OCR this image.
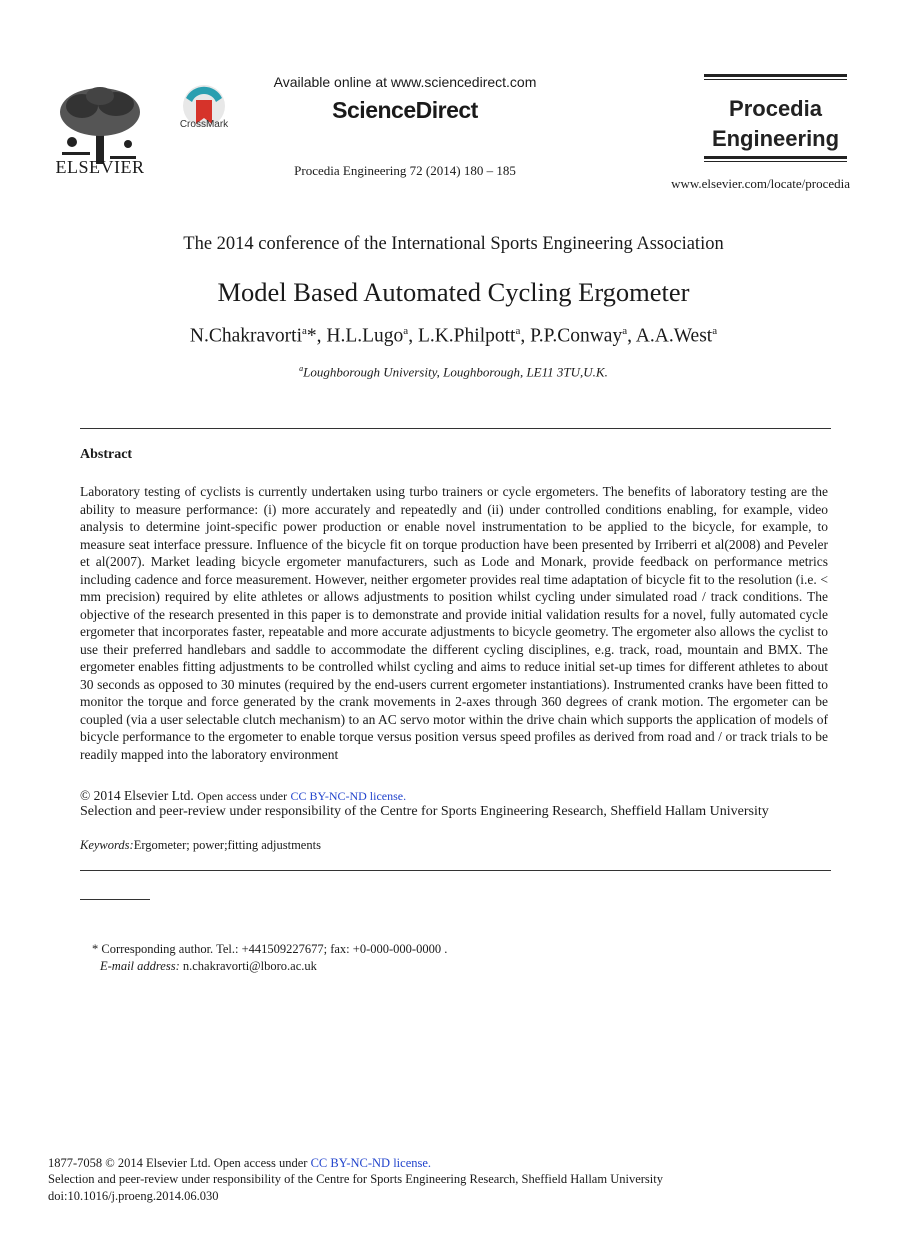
ELSEVIER
CrossMark
Available online at www.sciencedirect.com
ScienceDirect
Procedia Engineering 72 (2014) 180 – 185
Procedia
Engineering
www.elsevier.com/locate/procedia
The 2014 conference of the International Sports Engineering Association
Model Based Automated Cycling Ergometer
N.Chakravorti$^a$*, H.L.Lugo$^a$, L.K.Philpott$^a$, P.P.Conway$^a$, A.A.West$^a$
$^a$Loughborough University, Loughborough, LE11 3TU,U.K.
Abstract
Laboratory testing of cyclists is currently undertaken using turbo trainers or cycle ergometers. The benefits of laboratory testing are the ability to measure performance: (i) more accurately and repeatedly and (ii) under controlled conditions enabling, for example, video analysis to determine joint-specific power production or enable novel instrumentation to be applied to the bicycle, for example, to measure seat interface pressure. Influence of the bicycle fit on torque production have been presented by Irriberri et al(2008) and Peveler et al(2007). Market leading bicycle ergometer manufacturers, such as Lode and Monark, provide feedback on performance metrics including cadence and force measurement. However, neither ergometer provides real time adaptation of bicycle fit to the resolution (i.e. < mm precision) required by elite athletes or allows adjustments to position whilst cycling under simulated road / track conditions. The objective of the research presented in this paper is to demonstrate and provide initial validation results for a novel, fully automated cycle ergometer that incorporates faster, repeatable and more accurate adjustments to bicycle geometry. The ergometer also allows the cyclist to use their preferred handlebars and saddle to accommodate the different cycling disciplines, e.g. track, road, mountain and BMX. The ergometer enables fitting adjustments to be controlled whilst cycling and aims to reduce initial set-up times for different athletes to about 30 seconds as opposed to 30 minutes (required by the end-users current ergometer instantiations). Instrumented cranks have been fitted to monitor the torque and force generated by the crank movements in 2-axes through 360 degrees of crank motion. The ergometer can be coupled (via a user selectable clutch mechanism) to an AC servo motor within the drive chain which supports the application of models of bicycle performance to the ergometer to enable torque versus position versus speed profiles as derived from road and / or track trials to be readily mapped into the laboratory environment
© 2014 Elsevier Ltd. Open access under CC BY-NC-ND license.
Selection and peer-review under responsibility of the Centre for Sports Engineering Research, Sheffield Hallam University
Keywords:Ergometer; power;fitting adjustments
* Corresponding author. Tel.: +441509227677; fax: +0-000-000-0000 .
E-mail address: n.chakravorti@lboro.ac.uk
1877-7058 © 2014 Elsevier Ltd. Open access under CC BY-NC-ND license.
Selection and peer-review under responsibility of the Centre for Sports Engineering Research, Sheffield Hallam University
doi:10.1016/j.proeng.2014.06.030
